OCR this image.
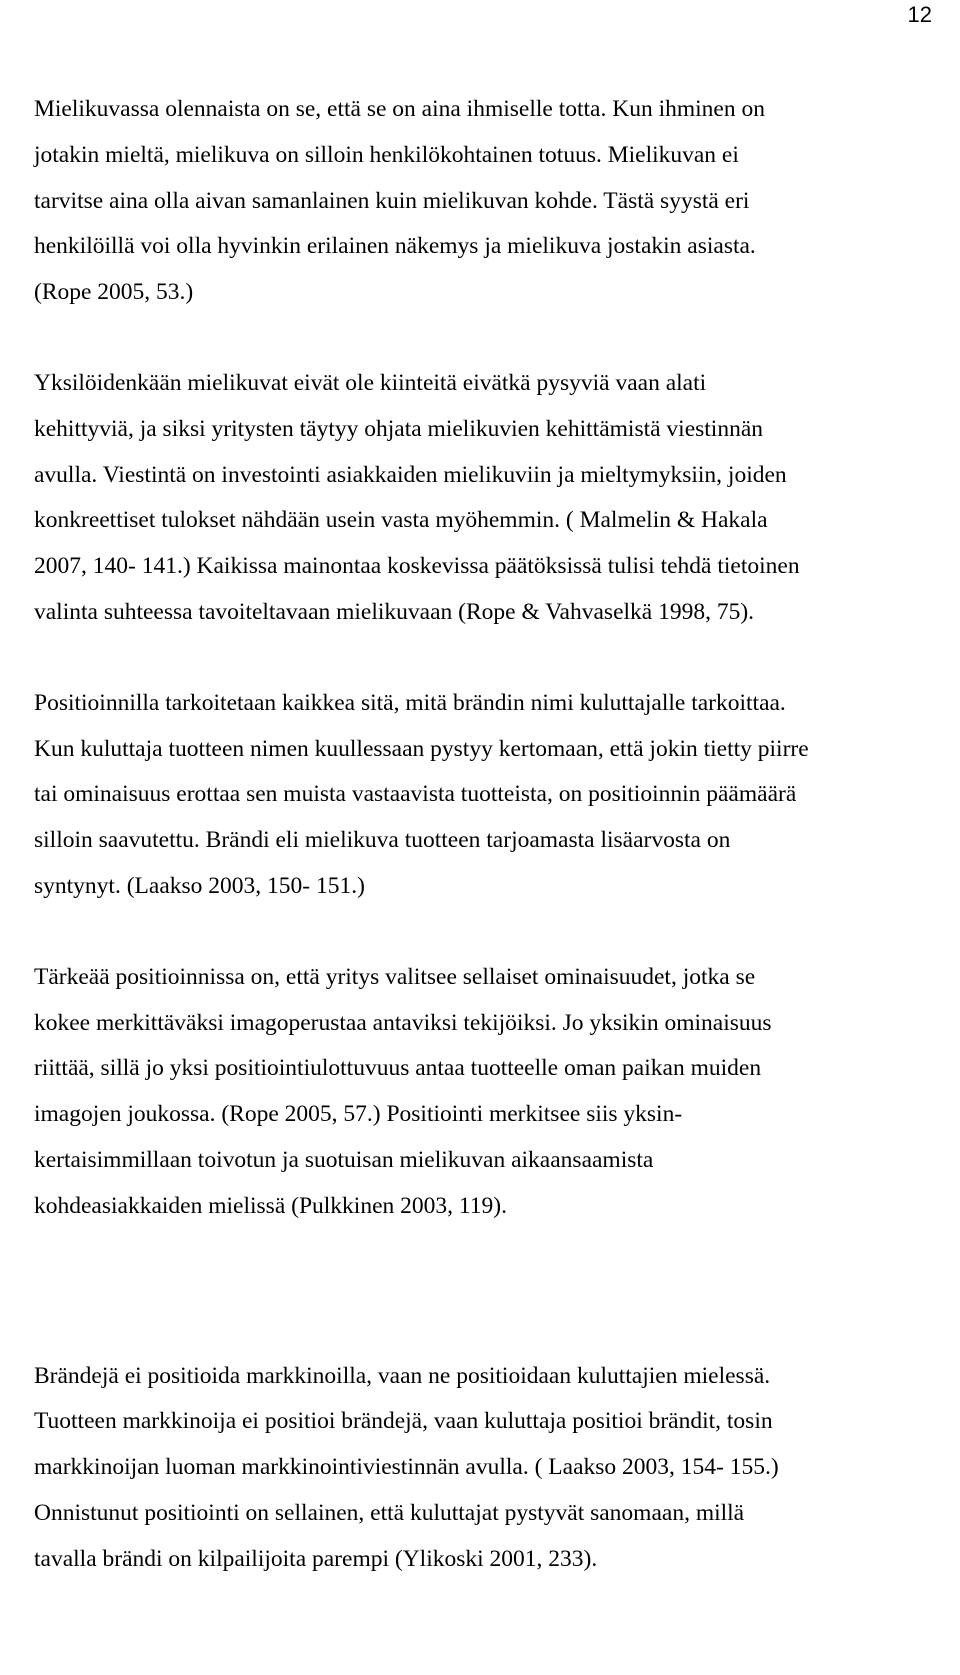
12

Mielikuvassa olennaista on se, että se on aina ihmiselle totta. Kun ihminen on
jotakin mieltä, mielikuva on silloin henkilökohtainen totuus. Mielikuvan ei
tarvitse aina olla aivan samanlainen kuin mielikuvan kohde. Tästä syystä eri
henkilöillä voi olla hyvinkin erilainen näkemys ja mielikuva jostakin asiasta.
(Rope 2005, 53.)

Yksilöidenkään mielikuvat eivät ole kiinteitä eivätkä pysyviä vaan alati
kehittyviä, ja siksi yritysten täytyy ohjata mielikuvien kehittämistä viestinnän
avulla. Viestintä on investointi asiakkaiden mielikuviin ja mieltymyksiin, joiden
konkreettiset tulokset nähdään usein vasta myöhemmin. ( Malmelin & Hakala
2007, 140- 141.) Kaikissa mainontaa koskevissa päätöksissä tulisi tehdä tietoinen
valinta suhteessa tavoiteltavaan mielikuvaan (Rope & Vahvaselkä 1998, 75).

Positioinnilla tarkoitetaan kaikkea sitä, mitä brändin nimi kuluttajalle tarkoittaa.
Kun kuluttaja tuotteen nimen kuullessaan pystyy kertomaan, että jokin tietty piirre
tai ominaisuus erottaa sen muista vastaavista tuotteista, on positioinnin päämäärä
silloin saavutettu. Brändi eli mielikuva tuotteen tarjoamasta lisäarvosta on
syntynyt. (Laakso 2003, 150- 151.)

Tärkeää positioinnissa on, että yritys valitsee sellaiset ominaisuudet, jotka se
kokee merkittäväksi imagoperustaa antaviksi tekijöiksi. Jo yksikin ominaisuus
riittää, sillä jo yksi positiointiulottuvuus antaa tuotteelle oman paikan muiden
imagojen joukossa. (Rope 2005, 57.) Positiointi merkitsee siis yksin-
kertaisimmillaan toivotun ja suotuisan mielikuvan aikaansaamista
kohdeasiakkaiden mielissä (Pulkkinen 2003, 119).

Brändejä ei positioida markkinoilla, vaan ne positioidaan kuluttajien mielessä.
Tuotteen markkinoija ei positioi brändejä, vaan kuluttaja positioi brändit, tosin
markkinoijan luoman markkinointiviestinnän avulla. ( Laakso 2003, 154- 155.)
Onnistunut positiointi on sellainen, että kuluttajat pystyvät sanomaan, millä
tavalla brändi on kilpailijoita parempi (Ylikoski 2001, 233).
